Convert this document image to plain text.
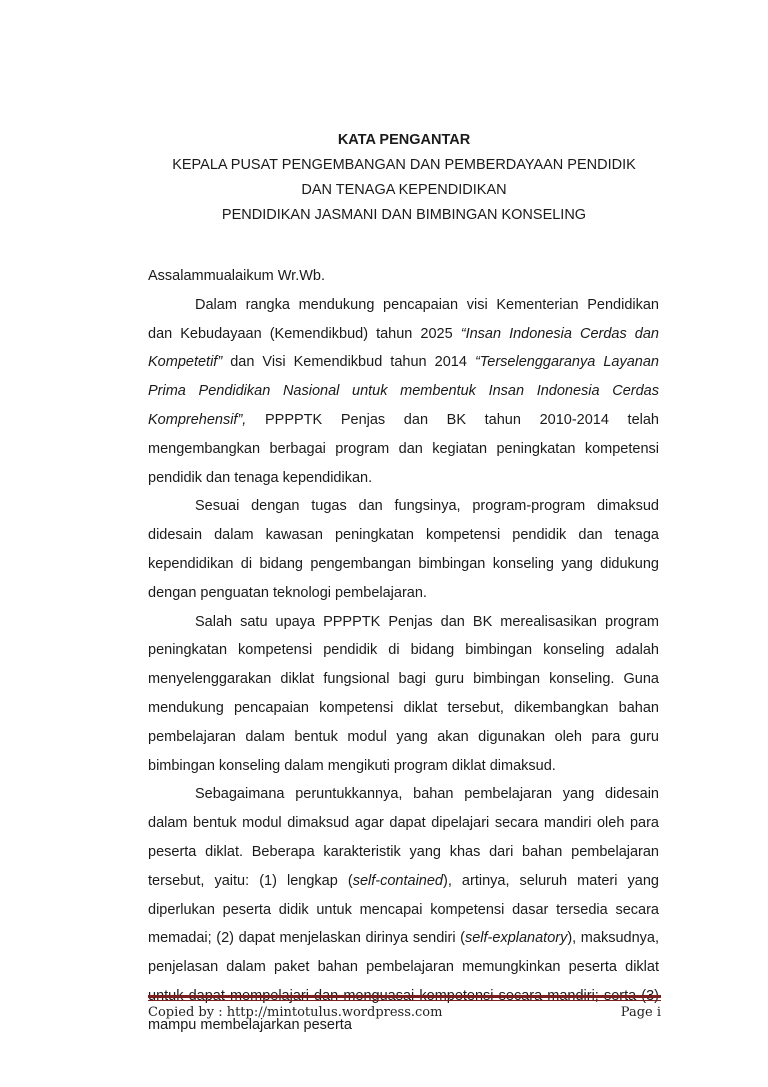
KATA PENGANTAR
KEPALA PUSAT PENGEMBANGAN DAN PEMBERDAYAAN PENDIDIK
DAN TENAGA KEPENDIDIKAN
PENDIDIKAN JASMANI DAN BIMBINGAN KONSELING

Assalammualaikum Wr.Wb.

Dalam rangka mendukung pencapaian visi Kementerian Pendidikan dan Kebudayaan (Kemendikbud) tahun 2025 “Insan Indonesia Cerdas dan Kompetetif” dan Visi Kemendikbud tahun 2014 “Terselenggaranya Layanan Prima Pendidikan Nasional untuk membentuk Insan Indonesia Cerdas Komprehensif”, PPPPTK Penjas dan BK tahun 2010-2014 telah mengembangkan berbagai program dan kegiatan peningkatan kompetensi pendidik dan tenaga kependidikan.

Sesuai dengan tugas dan fungsinya, program-program dimaksud didesain dalam kawasan peningkatan kompetensi pendidik dan tenaga kependidikan di bidang pengembangan bimbingan konseling yang didukung dengan penguatan teknologi pembelajaran.

Salah satu upaya PPPPTK Penjas dan BK merealisasikan program peningkatan kompetensi pendidik di bidang bimbingan konseling adalah menyelenggarakan diklat fungsional bagi guru bimbingan konseling. Guna mendukung pencapaian kompetensi diklat tersebut, dikembangkan bahan pembelajaran dalam bentuk modul yang akan digunakan oleh para guru bimbingan konseling dalam mengikuti program diklat dimaksud.

Sebagaimana peruntukkannya, bahan pembelajaran yang didesain dalam bentuk modul dimaksud agar dapat dipelajari secara mandiri oleh para peserta diklat. Beberapa karakteristik yang khas dari bahan pembelajaran tersebut, yaitu: (1) lengkap (self-contained), artinya, seluruh materi yang diperlukan peserta didik untuk mencapai kompetensi dasar tersedia secara memadai; (2) dapat menjelaskan dirinya sendiri (self-explanatory), maksudnya, penjelasan dalam paket bahan pembelajaran memungkinkan peserta diklat mampu membelajarkan peserta

Copied by : http://mintotulus.wordpress.com	Page i
